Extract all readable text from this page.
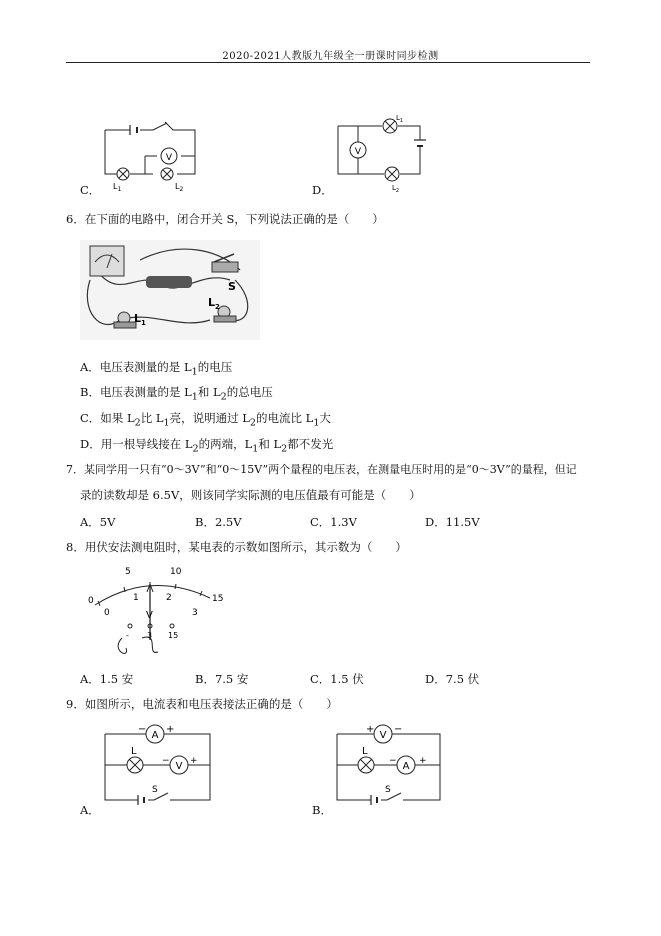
2020-2021人教版九年级全一册课时同步检测
V
$L_1$	$L_2$
C．
V
$L_1$
$L_2$
D．
6．在下面的电路中，闭合开关 S，下列说法正确的是（　　）
S
$L_1$
$L_2$
A．电压表测量的是 $L_1$的电压
B．电压表测量的是 $L_1$和 $L_2$的总电压
C．如果 $L_2$比 $L_1$亮，说明通过 $L_2$的电流比 $L_1$大
D．用一根导线接在 $L_2$的两端，$L_1$和 $L_2$都不发光
7．某同学用一只有“0～3V”和“0～15V”两个量程的电压表，在测量电压时用的是“0～3V”的量程，但记
录的读数却是 6.5V，则该同学实际测的电压值最有可能是（　　）
A．5V	B．2.5V	C．1.3V	D．11.5V
8．用伏安法测电阻时，某电表的示数如图所示，其示数为（　　）
0
5	10
15
0
1	2
3
V
- 3 15
A．1.5 安	B．7.5 安	C．1.5 伏	D．7.5 伏
9．如图所示，电流表和电压表接法正确的是（　　）
A
V
L
S
− +
− +
A．
V
A
L
S
+ −
− +
B．
